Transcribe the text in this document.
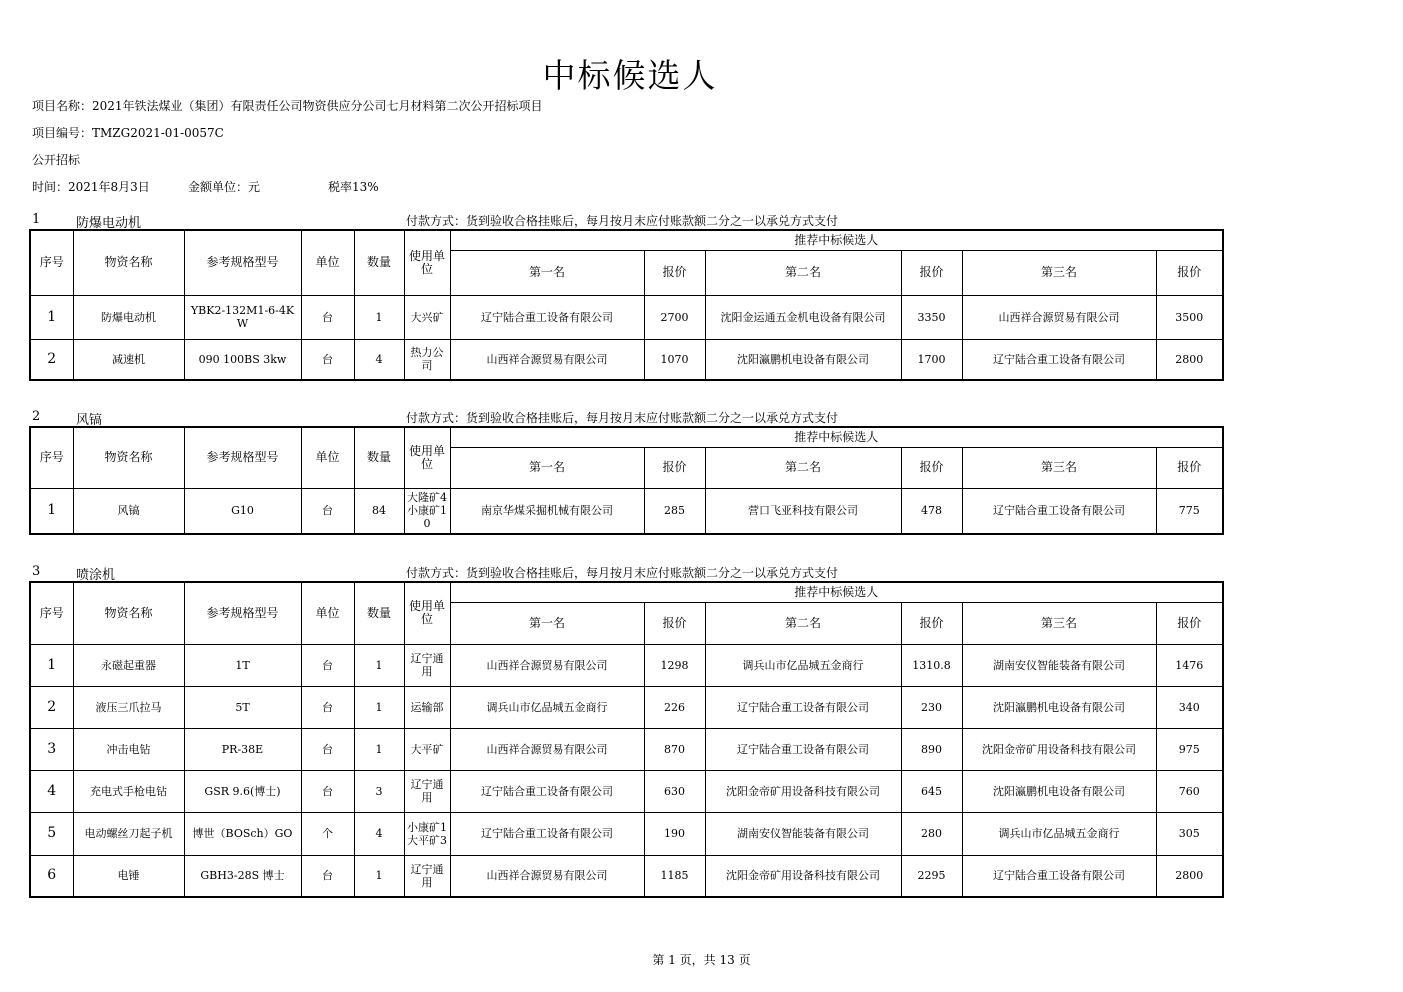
中标候选人
项目名称：2021年铁法煤业（集团）有限责任公司物资供应分公司七月材料第二次公开招标项目
项目编号：TMZG2021-01-0057C
公开招标
时间：2021年8月3日	金额单位：元	税率13%
1	防爆电动机	付款方式：货到验收合格挂账后，每月按月末应付账款额二分之一以承兑方式支付
序号	物资名称	参考规格型号	单位	数量	使用单位	推荐中标候选人					
						第一名	报价	第二名	报价	第三名	报价
1	防爆电动机	YBK2-132M1-6-4KW	台	1	大兴矿	辽宁陆合重工设备有限公司	2700	沈阳金运通五金机电设备有限公司	3350	山西祥合源贸易有限公司	3500
2	减速机	090 100BS 3kw	台	4	热力公司	山西祥合源贸易有限公司	1070	沈阳瀛鹏机电设备有限公司	1700	辽宁陆合重工设备有限公司	2800
2	风镐	付款方式：货到验收合格挂账后，每月按月末应付账款额二分之一以承兑方式支付
序号	物资名称	参考规格型号	单位	数量	使用单位	推荐中标候选人					
						第一名	报价	第二名	报价	第三名	报价
1	风镐	G10	台	84	大隆矿4小康矿10	南京华煤采掘机械有限公司	285	营口飞亚科技有限公司	478	辽宁陆合重工设备有限公司	775
3	喷涂机	付款方式：货到验收合格挂账后，每月按月末应付账款额二分之一以承兑方式支付
序号	物资名称	参考规格型号	单位	数量	使用单位	推荐中标候选人					
						第一名	报价	第二名	报价	第三名	报价
1	永磁起重器	1T	台	1	辽宁通用	山西祥合源贸易有限公司	1298	调兵山市亿品城五金商行	1310.8	湖南安仪智能装备有限公司	1476
2	液压三爪拉马	5T	台	1	运输部	调兵山市亿品城五金商行	226	辽宁陆合重工设备有限公司	230	沈阳瀛鹏机电设备有限公司	340
3	冲击电钻	PR-38E	台	1	大平矿	山西祥合源贸易有限公司	870	辽宁陆合重工设备有限公司	890	沈阳金帝矿用设备科技有限公司	975
4	充电式手枪电钻	GSR 9.6(博士)	台	3	辽宁通用	辽宁陆合重工设备有限公司	630	沈阳金帝矿用设备科技有限公司	645	沈阳瀛鹏机电设备有限公司	760
5	电动螺丝刀起子机	博世（BOSch）GO	个	4	小康矿1大平矿3	辽宁陆合重工设备有限公司	190	湖南安仪智能装备有限公司	280	调兵山市亿品城五金商行	305
6	电锤	GBH3-28S 博士	台	1	辽宁通用	山西祥合源贸易有限公司	1185	沈阳金帝矿用设备科技有限公司	2295	辽宁陆合重工设备有限公司	2800
第 1 页，共 13 页
